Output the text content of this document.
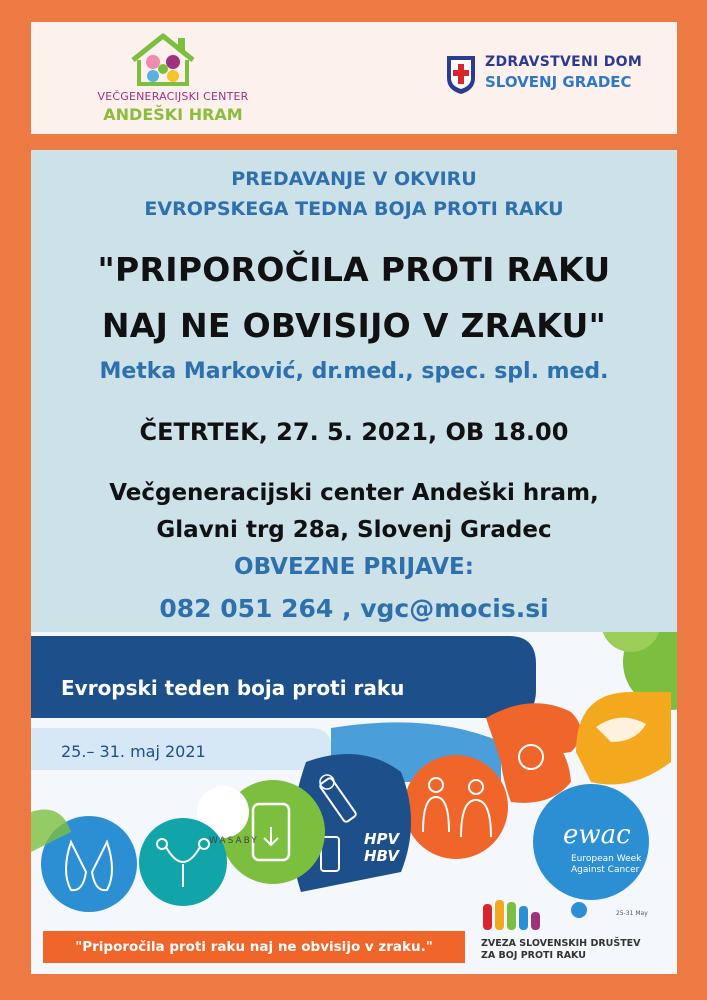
VEČGENERACIJSKI CENTER
ANDEŠKI HRAM
ZDRAVSTVENI DOM
SLOVENJ GRADEC
PREDAVANJE V OKVIRU
EVROPSKEGA TEDNA BOJA PROTI RAKU
"PRIPOROČILA PROTI RAKU
NAJ NE OBVISIJO V ZRAKU"
Metka Marković, dr.med., spec. spl. med.
ČETRTEK, 27. 5. 2021, OB 18.00
Večgeneracijski center Andeški hram,
Glavni trg 28a, Slovenj Gradec
OBVEZNE PRIJAVE:
082 051 264 , vgc@mocis.si
Evropski teden boja proti raku
25.– 31. maj 2021
WASABY	HPV
HBV
ewac
European Week
Against Cancer
25-31 May
ZVEZA SLOVENSKIH DRUŠTEV
ZA BOJ PROTI RAKU
"Priporočila proti raku naj ne obvisijo v zraku."
